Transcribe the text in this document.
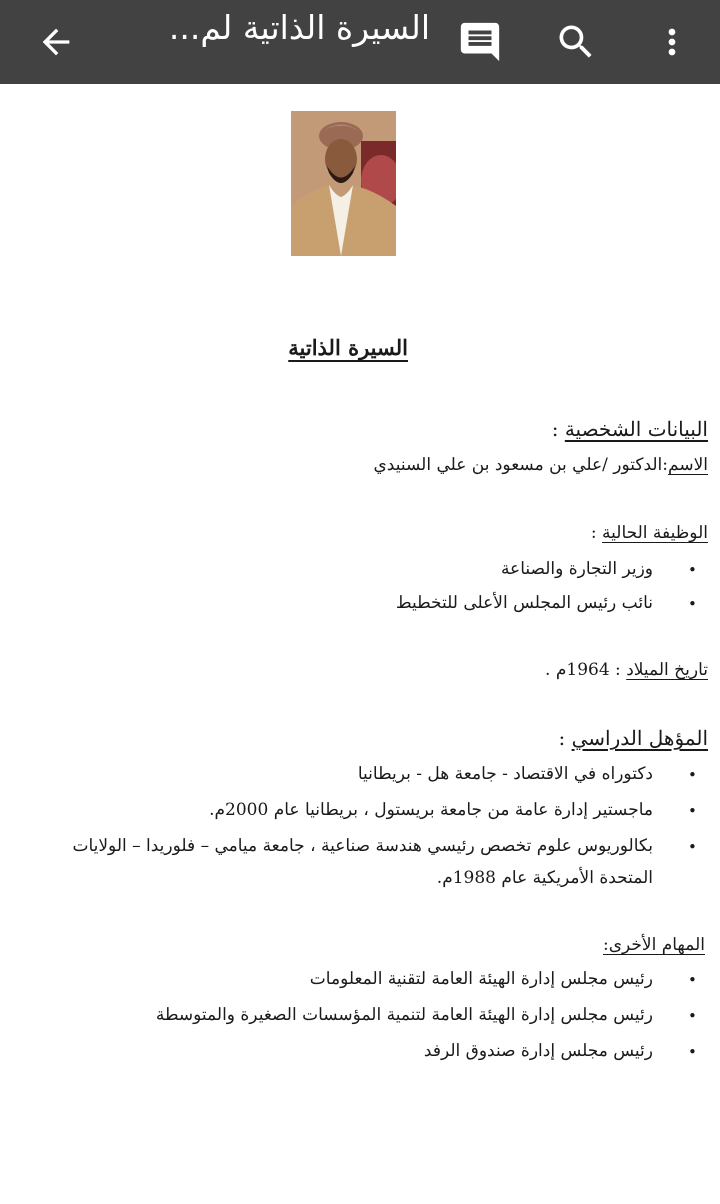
السيرة الذاتية لم...
السيرة الذاتية
البيانات الشخصية :
الاسم:الدكتور /علي بن مسعود بن علي السنيدي
الوظيفة الحالية :
•
وزير التجارة والصناعة
•
نائب رئيس المجلس الأعلى للتخطيط
تاريخ الميلاد : 1964م .
المؤهل الدراسي :
•
دكتوراه في الاقتصاد - جامعة هل - بريطانيا
•
ماجستير إدارة عامة من جامعة بريستول ، بريطانيا عام 2000م.
•
بكالوريوس علوم تخصص رئيسي هندسة صناعية ، جامعة ميامي – فلوريدا – الولايات
المتحدة الأمريكية عام 1988م.
المهام الأخرى:
•
رئيس مجلس إدارة الهيئة العامة لتقنية المعلومات
•
رئيس مجلس إدارة الهيئة العامة لتنمية المؤسسات الصغيرة والمتوسطة
•
رئيس مجلس إدارة صندوق الرفد
